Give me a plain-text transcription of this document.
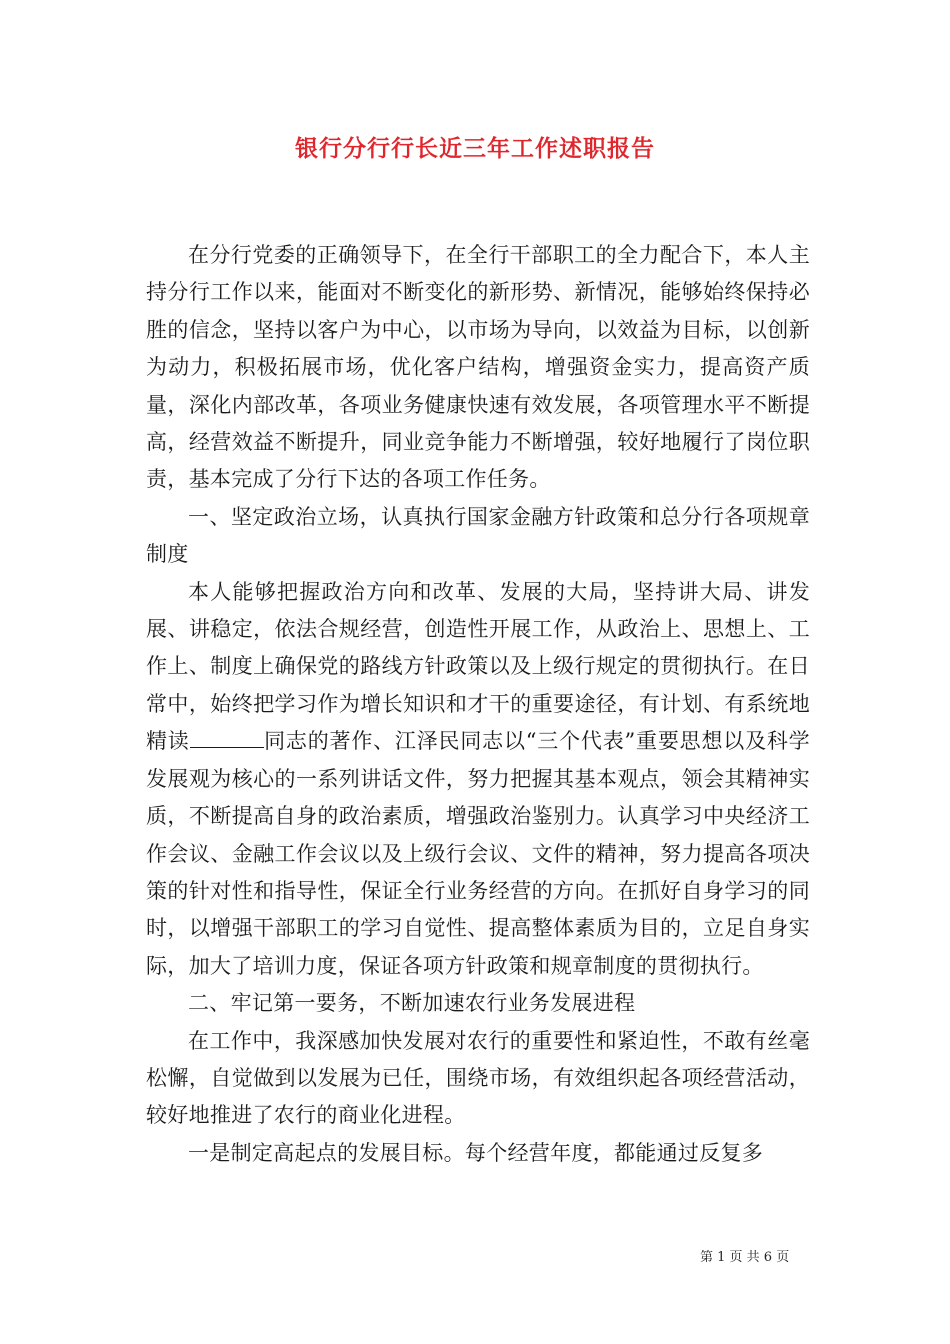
银行分行行长近三年工作述职报告

在分行党委的正确领导下，在全行干部职工的全力配合下，本人主持分行工作以来，能面对不断变化的新形势、新情况，能够始终保持必胜的信念，坚持以客户为中心，以市场为导向，以效益为目标，以创新为动力，积极拓展市场，优化客户结构，增强资金实力，提高资产质量，深化内部改革，各项业务健康快速有效发展，各项管理水平不断提高，经营效益不断提升，同业竞争能力不断增强，较好地履行了岗位职责，基本完成了分行下达的各项工作任务。

一、坚定政治立场，认真执行国家金融方针政策和总分行各项规章制度

本人能够把握政治方向和改革、发展的大局，坚持讲大局、讲发展、讲稳定，依法合规经营，创造性开展工作，从政治上、思想上、工作上、制度上确保党的路线方针政策以及上级行规定的贯彻执行。在日常中，始终把学习作为增长知识和才干的重要途径，有计划、有系统地精读	同志的著作、江泽民同志以“三个代表”重要思想以及科学发展观为核心的一系列讲话文件，努力把握其基本观点，领会其精神实质，不断提高自身的政治素质，增强政治鉴别力。认真学习中央经济工作会议、金融工作会议以及上级行会议、文件的精神，努力提高各项决策的针对性和指导性，保证全行业务经营的方向。在抓好自身学习的同时，以增强干部职工的学习自觉性、提高整体素质为目的，立足自身实际，加大了培训力度，保证各项方针政策和规章制度的贯彻执行。

二、牢记第一要务，不断加速农行业务发展进程

在工作中，我深感加快发展对农行的重要性和紧迫性，不敢有丝毫松懈，自觉做到以发展为已任，围绕市场，有效组织起各项经营活动，较好地推进了农行的商业化进程。

一是制定高起点的发展目标。每个经营年度，都能通过反复多

第 1 页 共 6 页
